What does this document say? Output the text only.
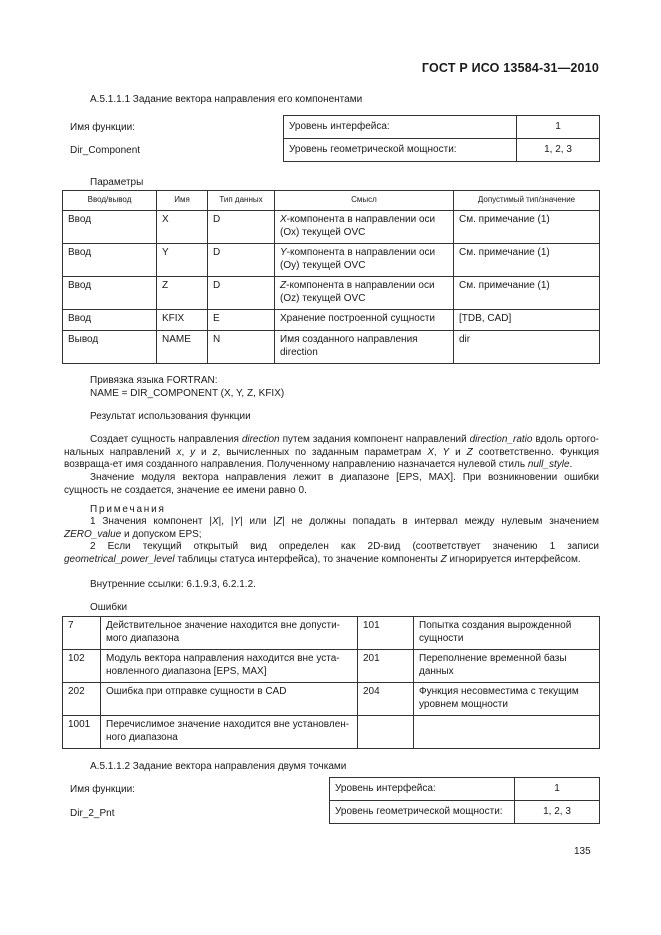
ГОСТ Р ИСО 13584-31—2010
А.5.1.1.1 Задание вектора направления его компонентами
Имя функции:
Dir_Component
Уровень интерфейса:	1
Уровень геометрической мощности:	1, 2, 3
Параметры
Ввод/вывод	Имя	Тип данных	Смысл	Допустимый тип/значение
Ввод	X	D	X-компонента в направлении оси (Ох) текущей OVC	См. примечание (1)
Ввод	Y	D	Y-компонента в направлении оси (Оу) текущей OVC	См. примечание (1)
Ввод	Z	D	Z-компонента в направлении оси (Oz) текущей OVC	См. примечание (1)
Ввод	KFIX	E	Хранение построенной сущности	[TDB, CAD]
Вывод	NAME	N	Имя созданного направления direction	dir
Привязка языка FORTRAN:
NAME = DIR_COMPONENT (X, Y, Z, KFIX)
Результат использования функции
Создает сущность направления direction путем задания компонент направлений direction_ratio вдоль ортого-нальных направлений x, y и z, вычисленных по заданным параметрам X, Y и Z соответственно. Функция возвраща-ет имя созданного направления. Полученному направлению назначается нулевой стиль null_style.
Значение модуля вектора направления лежит в диапазоне [EPS, MAX]. При возникновении ошибки сущность не создается, значение ее имени равно 0.
Примечания
1 Значения компонент |X|, |Y| или |Z| не должны попадать в интервал между нулевым значением ZERO_value и допуском EPS;
2 Если текущий открытый вид определен как 2D-вид (соответствует значению 1 записи geometrical_power_level таблицы статуса интерфейса), то значение компоненты Z игнорируется интерфейсом.
Внутренние ссылки: 6.1.9.3, 6.2.1.2.
Ошибки
7	Действительное значение находится вне допусти-мого диапазона	101	Попытка создания вырожденной сущности
102	Модуль вектора направления находится вне уста-новленного диапазона [EPS, MAX]	201	Переполнение временной базы данных
202	Ошибка при отправке сущности в CAD	204	Функция несовместима с текущим уровнем мощности
1001	Перечислимое значение находится вне установлен-ного диапазона		
А.5.1.1.2 Задание вектора направления двумя точками
Имя функции:
Dir_2_Pnt
Уровень интерфейса:	1
Уровень геометрической мощности:	1, 2, 3
135
